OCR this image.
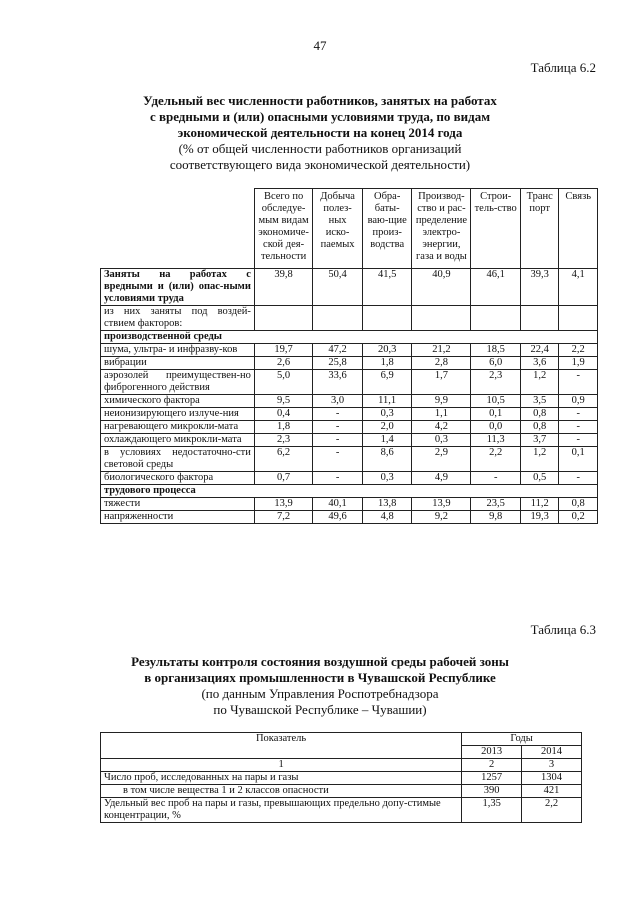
47
Таблица 6.2
Удельный вес численности работников, занятых на работах
с вредными и (или) опасными условиями труда, по видам
экономической деятельности на конец 2014 года
(% от общей численности работников организаций
соответствующего вида экономической деятельности)
	Всего по обследуе-мым видам экономиче-ской дея-тельности	Добыча полез-ных иско-паемых	Обра-баты-ваю-щие произ-водства	Производ-ство и рас-пределение электро-энергии, газа и воды	Строи-тель-ство	Транс порт	Связь
Заняты на работах с вредными и (или) опас-ными условиями труда	39,8	50,4	41,5	40,9	46,1	39,3	4,1
из них заняты под воздей-ствием факторов:							
производственной среды							
шума, ультра- и инфразву-ков	19,7	47,2	20,3	21,2	18,5	22,4	2,2
вибрации	2,6	25,8	1,8	2,8	6,0	3,6	1,9
аэрозолей преимуществен-но фиброгенного действия	5,0	33,6	6,9	1,7	2,3	1,2	-
химического фактора	9,5	3,0	11,1	9,9	10,5	3,5	0,9
неионизирующего излуче-ния	0,4	-	0,3	1,1	0,1	0,8	-
нагревающего микрокли-мата	1,8	-	2,0	4,2	0,0	0,8	-
охлаждающего микрокли-мата	2,3	-	1,4	0,3	11,3	3,7	-
в условиях недостаточно-сти световой среды	6,2	-	8,6	2,9	2,2	1,2	0,1
биологического фактора	0,7	-	0,3	4,9	-	0,5	-
трудового процесса							
тяжести	13,9	40,1	13,8	13,9	23,5	11,2	0,8
напряженности	7,2	49,6	4,8	9,2	9,8	19,3	0,2
Таблица 6.3
Результаты контроля состояния воздушной среды рабочей зоны
в организациях промышленности в Чувашской Республике
(по данным Управления Роспотребнадзора
по Чувашской Республике – Чувашии)
Показатель	Годы	
	2013	2014
1	2	3
Число проб, исследованных на пары и газы	1257	1304
в том числе вещества 1 и 2 классов опасности	390	421
Удельный вес проб на пары и газы, превышающих предельно допу-стимые концентрации, %	1,35	2,2
